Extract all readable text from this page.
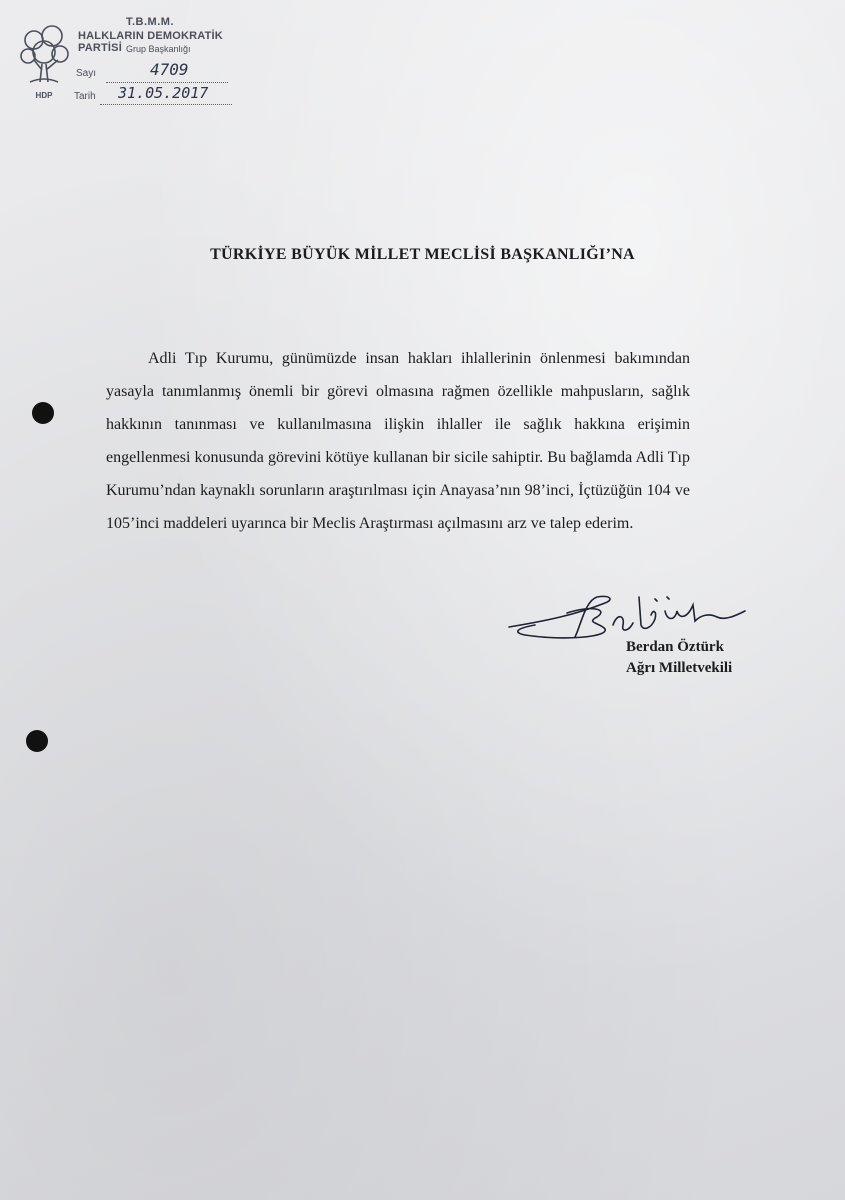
HDP
T.B.M.M.
HALKLARIN DEMOKRATİK PARTİSİ Grup Başkanlığı
Sayı	4709
Tarih 31.05.2017
TÜRKİYE BÜYÜK MİLLET MECLİSİ BAŞKANLIĞI’NA

Adli Tıp Kurumu, günümüzde insan hakları ihlallerinin önlenmesi bakımından yasayla tanımlanmış önemli bir görevi olmasına rağmen özellikle mahpusların, sağlık hakkının tanınması ve kullanılmasına ilişkin ihlaller ile sağlık hakkına erişimin engellenmesi konusunda görevini kötüye kullanan bir sicile sahiptir. Bu bağlamda Adli Tıp Kurumu’ndan kaynaklı sorunların araştırılması için Anayasa’nın 98’inci, İçtüzüğün 104 ve 105’inci maddeleri uyarınca bir Meclis Araştırması açılmasını arz ve talep ederim.

Berdan Öztürk
Ağrı Milletvekili
